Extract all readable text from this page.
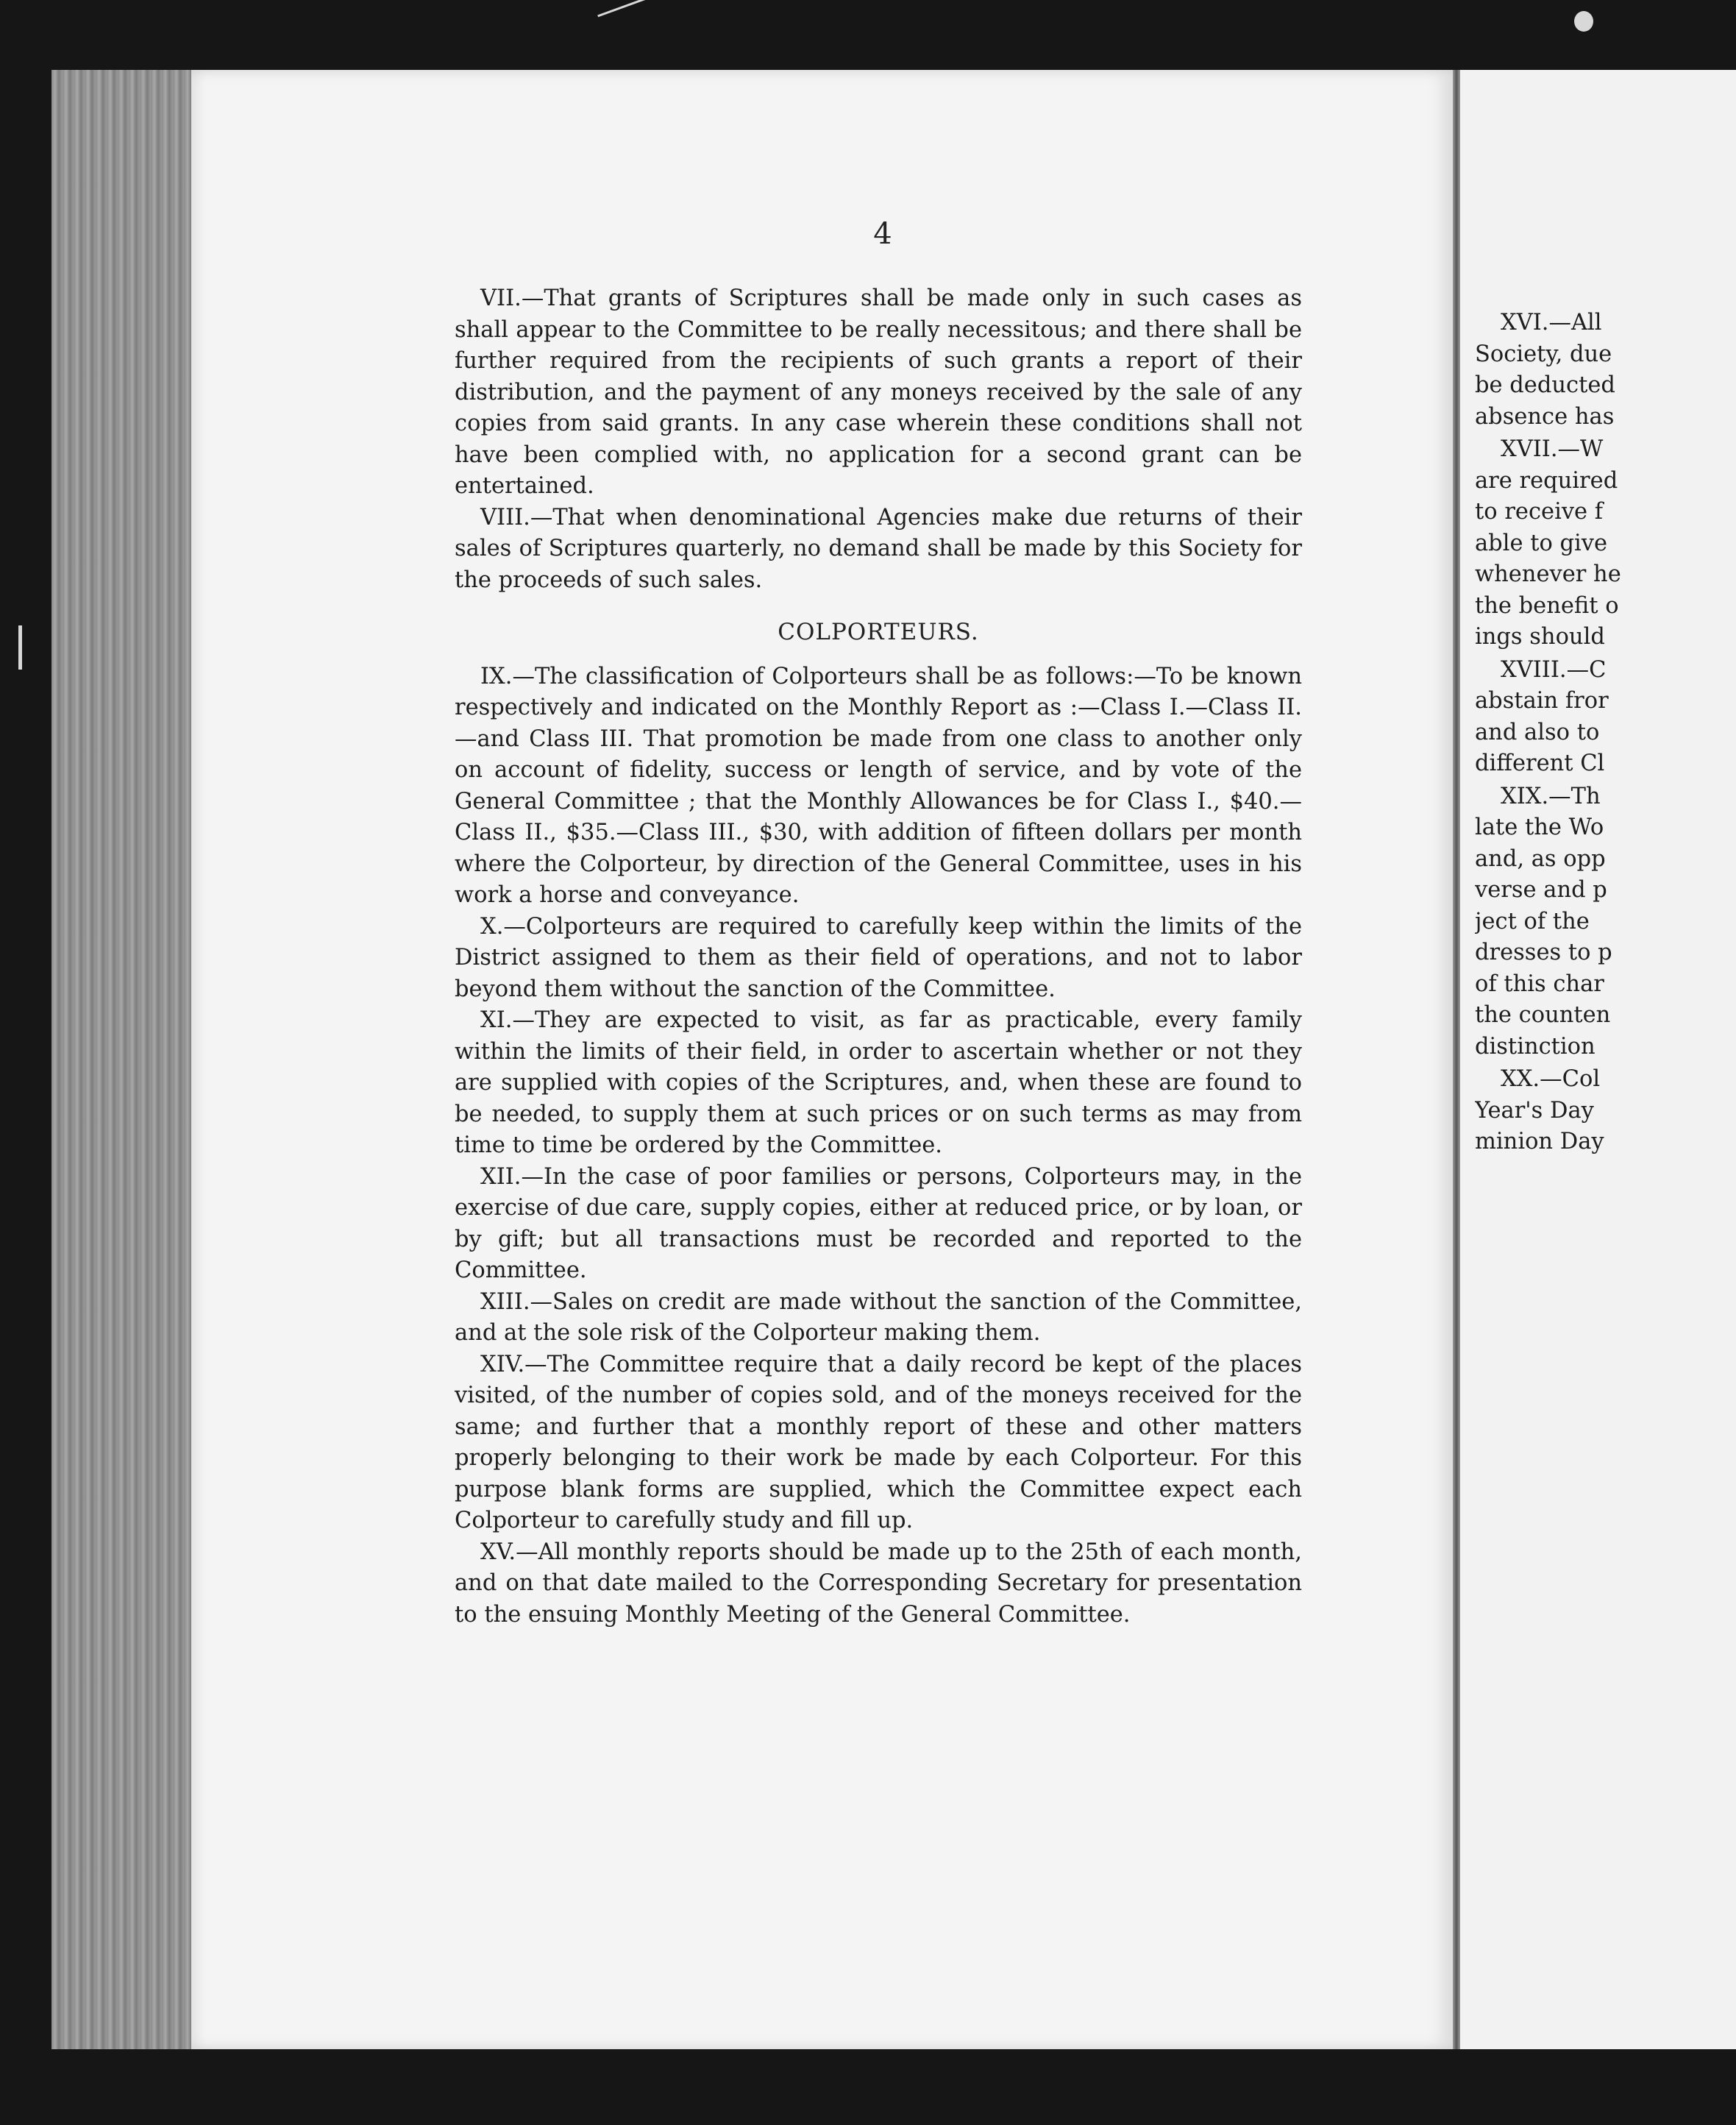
4

VII.—That grants of Scriptures shall be made only in such cases as shall appear to the Committee to be really necessitous; and there shall be further required from the recipients of such grants a report of their distribution, and the payment of any moneys received by the sale of any copies from said grants. In any case wherein these conditions shall not have been complied with, no application for a second grant can be entertained.

VIII.—That when denominational Agencies make due returns of their sales of Scriptures quarterly, no demand shall be made by this Society for the proceeds of such sales.

COLPORTEURS.

IX.—The classification of Colporteurs shall be as follows:—To be known respectively and indicated on the Monthly Report as :—Class I.—Class II.—and Class III. That promotion be made from one class to another only on account of fidelity, success or length of service, and by vote of the General Committee ; that the Monthly Allowances be for Class I., $40.—Class II., $35.—Class III., $30, with addition of fifteen dollars per month where the Colporteur, by direction of the General Committee, uses in his work a horse and conveyance.

X.—Colporteurs are required to carefully keep within the limits of the District assigned to them as their field of operations, and not to labor beyond them without the sanction of the Committee.

XI.—They are expected to visit, as far as practicable, every family within the limits of their field, in order to ascertain whether or not they are supplied with copies of the Scriptures, and, when these are found to be needed, to supply them at such prices or on such terms as may from time to time be ordered by the Committee.

XII.—In the case of poor families or persons, Colporteurs may, in the exercise of due care, supply copies, either at reduced price, or by loan, or by gift; but all transactions must be recorded and reported to the Committee.

XIII.—Sales on credit are made without the sanction of the Committee, and at the sole risk of the Colporteur making them.

XIV.—The Committee require that a daily record be kept of the places visited, of the number of copies sold, and of the moneys received for the same; and further that a monthly report of these and other matters properly belonging to their work be made by each Colporteur. For this purpose blank forms are supplied, which the Committee expect each Colporteur to carefully study and fill up.

XV.—All monthly reports should be made up to the 25th of each month, and on that date mailed to the Corresponding Secretary for presentation to the ensuing Monthly Meeting of the General Committee.

XVI.—All
Society, due
be deducted
absence has
XVII.—W
are required
to receive f
able to give
whenever he
the benefit o
ings should
XVIII.—C
abstain fror
and also to
different Cl
XIX.—Th
late the Wo
and, as opp
verse and p
ject of the
dresses to p
of this char
the counten
distinction
XX.—Col
Year's Day
minion Day
